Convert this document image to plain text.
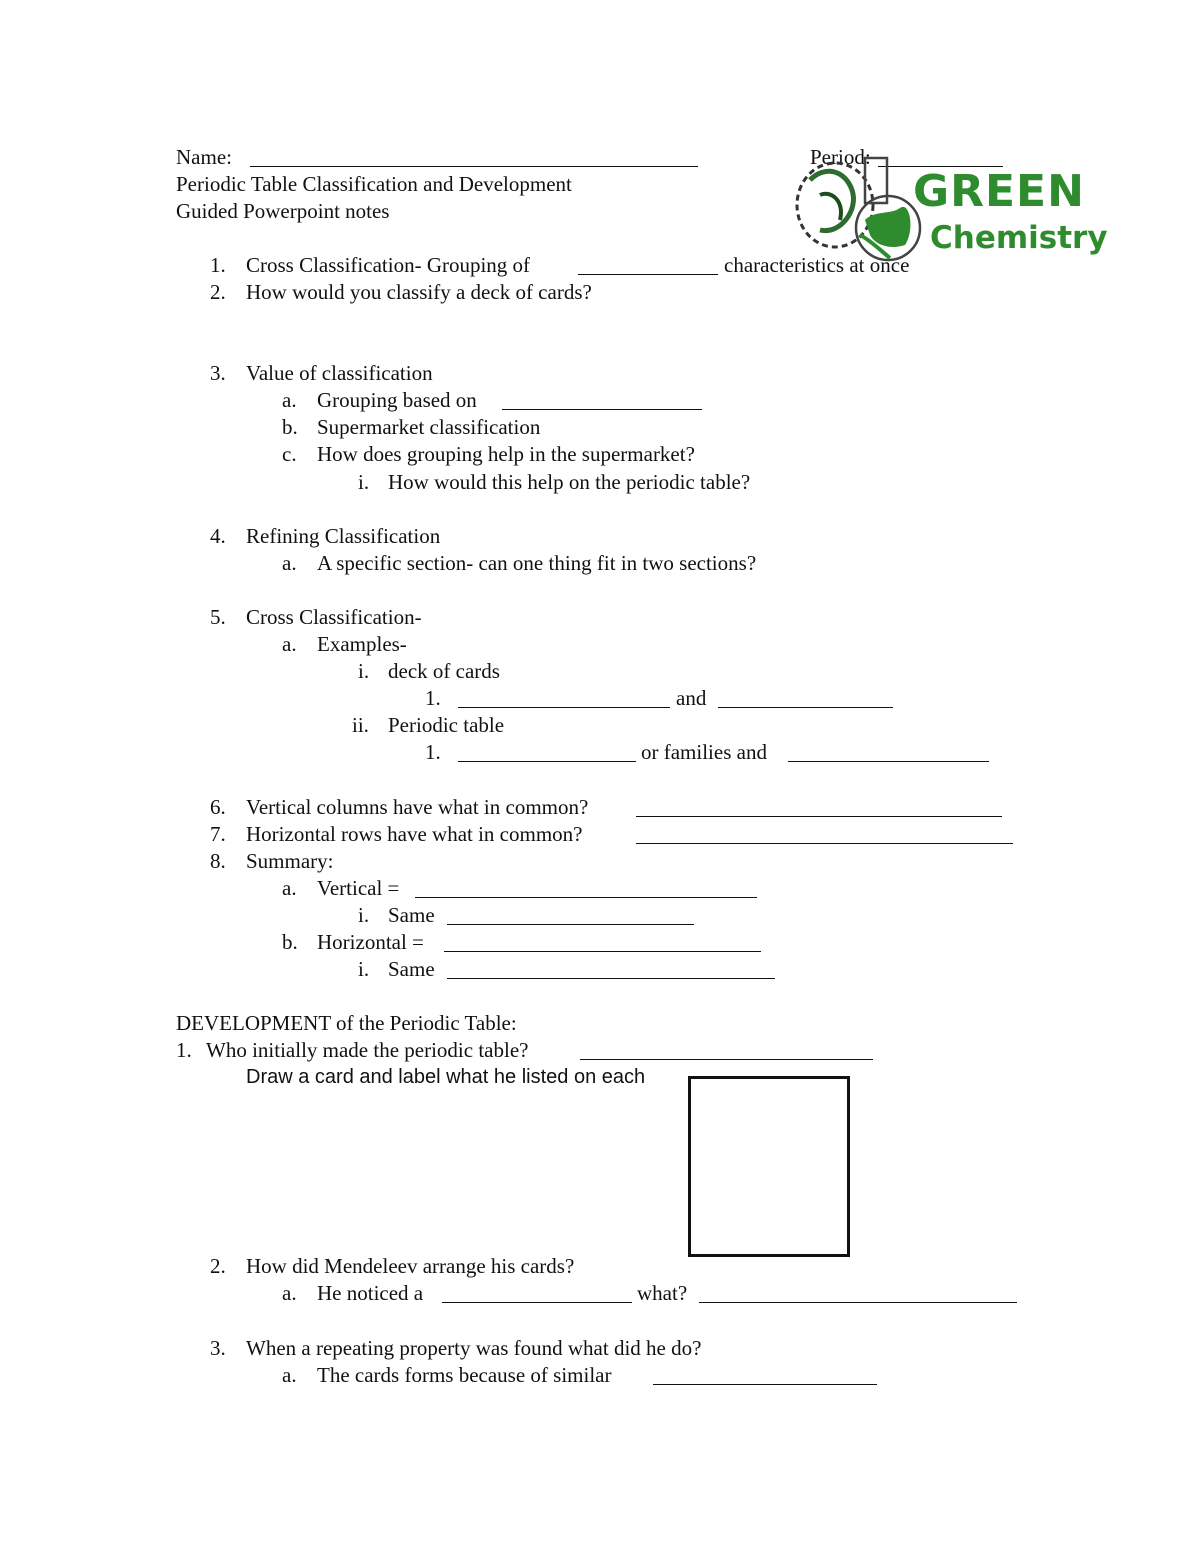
Name:	Period:
Periodic Table Classification and Development
Guided Powerpoint notes	GREEN
Chemistry
1. Cross Classification- Grouping of	characteristics at once
2. How would you classify a deck of cards?
3. Value of classification
a. Grouping based on
b. Supermarket classification
c. How does grouping help in the supermarket?
i. How would this help on the periodic table?
4. Refining Classification
a. A specific section- can one thing fit in two sections?
5. Cross Classification-
a. Examples-
i. deck of cards
1.	and
ii. Periodic table
1.	or families and
6. Vertical columns have what in common?
7. Horizontal rows have what in common?
8. Summary:
a. Vertical =
i. Same
b. Horizontal =
i. Same
DEVELOPMENT of the Periodic Table:
1. Who initially made the periodic table?
Draw a card and label what he listed on each
2. How did Mendeleev arrange his cards?
a. He noticed a	what?
3. When a repeating property was found what did he do?
a. The cards forms because of similar
